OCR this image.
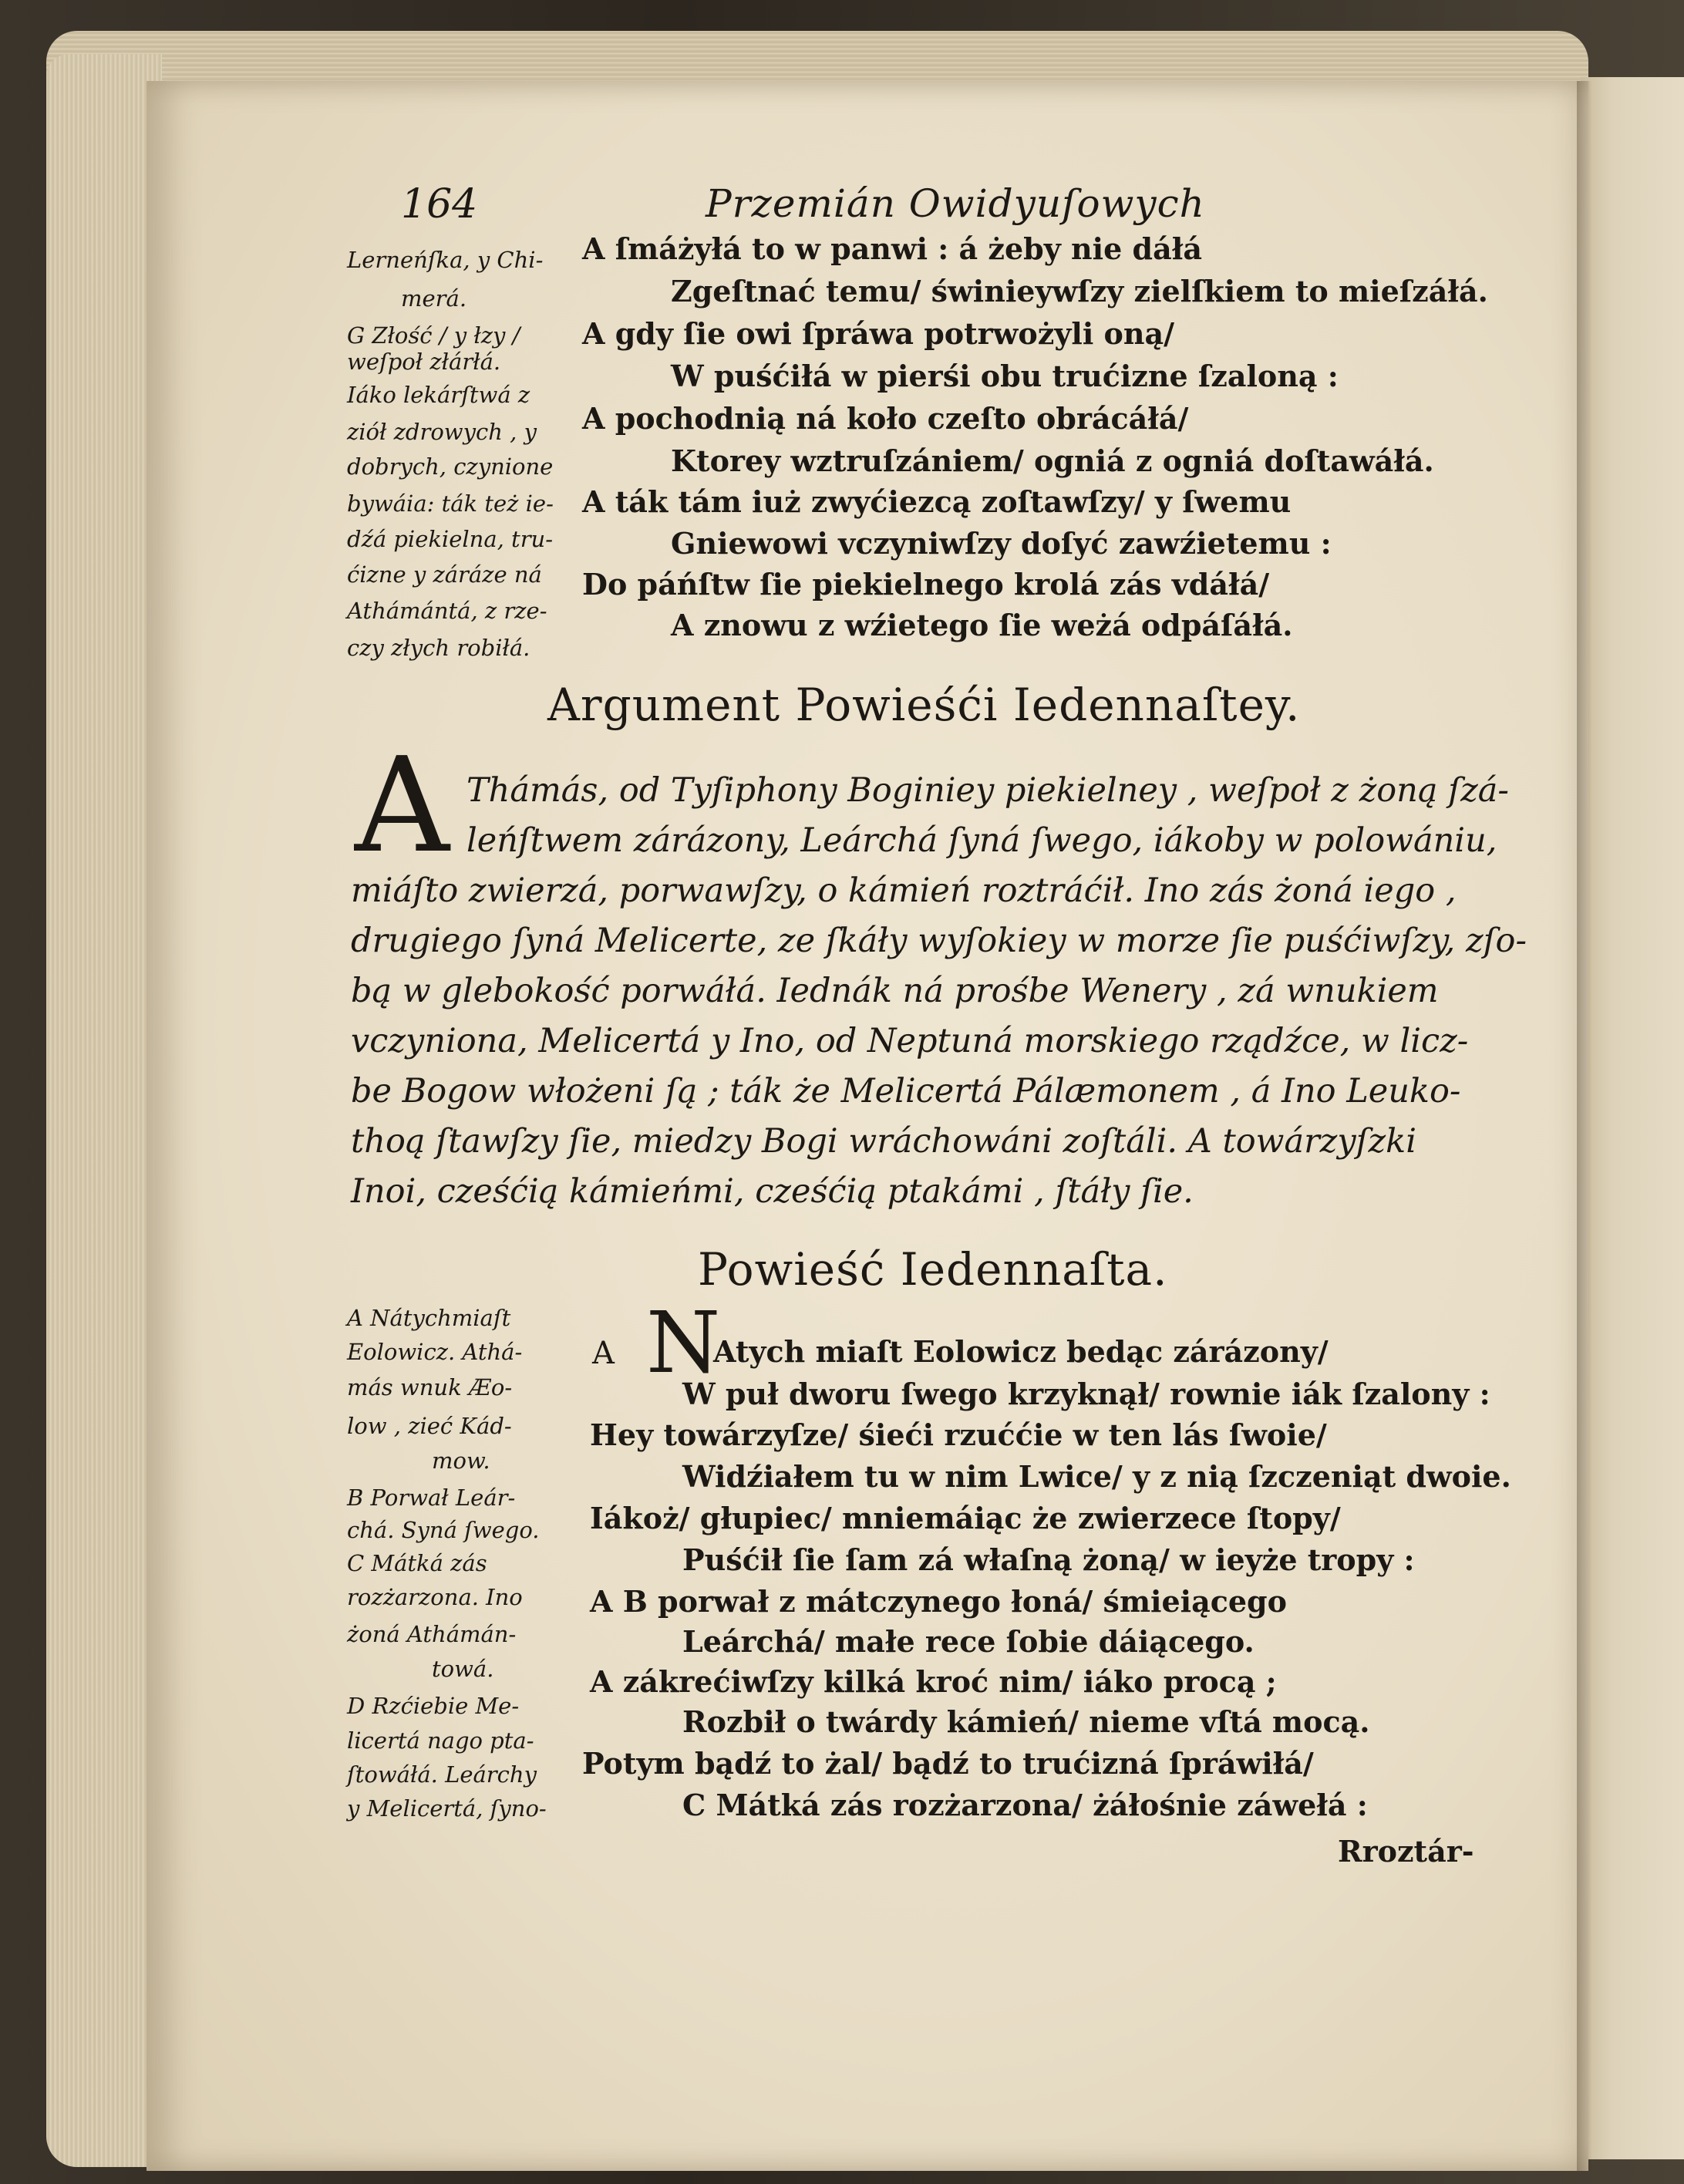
164	Przemián Owidyuſowych
Lerneńſka, y Chi-
merá.
G Złość / y łzy /
weſpoł złárłá.
Iáko lekárſtwá z
ziół zdrowych , y
dobrych, czynione
bywáia: ták też ie-
dźá piekielna, tru-
ćizne y záráze ná
Athámántá, z rze-
czy złych robiłá.
A ſmáżyłá to w panwi : á żeby nie dáłá
Zgeſtnać temu/ świnieywſzy zielſkiem to mieſzáłá.
A gdy ſie owi ſpráwa potrwożyli oną/
W puśćiłá w pierśi obu trućizne ſzaloną :
A pochodnią ná koło czeſto obrácáłá/
Ktorey wztruſzániem/ ogniá z ogniá doſtawáłá.
A ták tám iuż zwyćiezcą zoſtawſzy/ y ſwemu
Gniewowi vczyniwſzy doſyć zawźietemu :
Do páńſtw ſie piekielnego krolá zás vdáłá/
A znowu z wźietego ſie weżá odpáſáłá.
Argument Powieśći Iedennaſtey.
A Thámás, od Tyſiphony Boginiey piekielney , weſpoł z żoną ſzá-
leńſtwem zárázony, Leárchá ſyná ſwego, iákoby w polowániu,
miáſto zwierzá, porwawſzy, o kámień roztráćił. Ino zás żoná iego ,
drugiego ſyná Melicerte, ze ſkáły wyſokiey w morze ſie puśćiwſzy, zſo-
bą w glebokość porwáłá. Iednák ná prośbe Wenery , zá wnukiem
vczyniona, Melicertá y Ino, od Neptuná morskiego rządźce, w licz-
be Bogow włożeni ſą ; ták że Melicertá Pálæmonem , á Ino Leuko-
thoą ſtawſzy ſie, miedzy Bogi wráchowáni zoſtáli. A towárzyſzki
Inoi, cześćią kámieńmi, cześćią ptakámi , ſtáły ſie.
Powieść Iedennaſta.
A Nátychmiaſt
Eolowicz. Athá-
más wnuk Æo-
low , zieć Kád-
mow.
B Porwał Leár-
chá. Syná ſwego.
C Mátká zás
rozżarzona. Ino
żoná Athámán-
towá.
D Rzćiebie Me-
licertá nago pta-
ſtowáłá. Leárchy
y Melicertá, ſyno-
A N
Atych miaſt Eolowicz bedąc zárázony/
W puł dworu ſwego krzyknął/ rownie iák ſzalony :
Hey towárzyſze/ śieći rzuććie w ten lás ſwoie/
Widźiałem tu w nim Lwice/ y z nią ſzczeniąt dwoie.
Iákoż/ głupiec/ mniemáiąc że zwierzece ſtopy/
Puśćił ſie ſam zá właſną żoną/ w ieyże tropy :
A B porwał z mátczynego łoná/ śmieiącego
Leárchá/ małe rece ſobie dáiącego.
A zákrećiwſzy kilká kroć nim/ iáko procą ;
Rozbił o twárdy kámień/ nieme vſtá mocą.
Potym bądź to żal/ bądź to trućizná ſpráwiłá/
C Mátká zás rozżarzona/ żáłośnie záwełá :
Rroztár-
